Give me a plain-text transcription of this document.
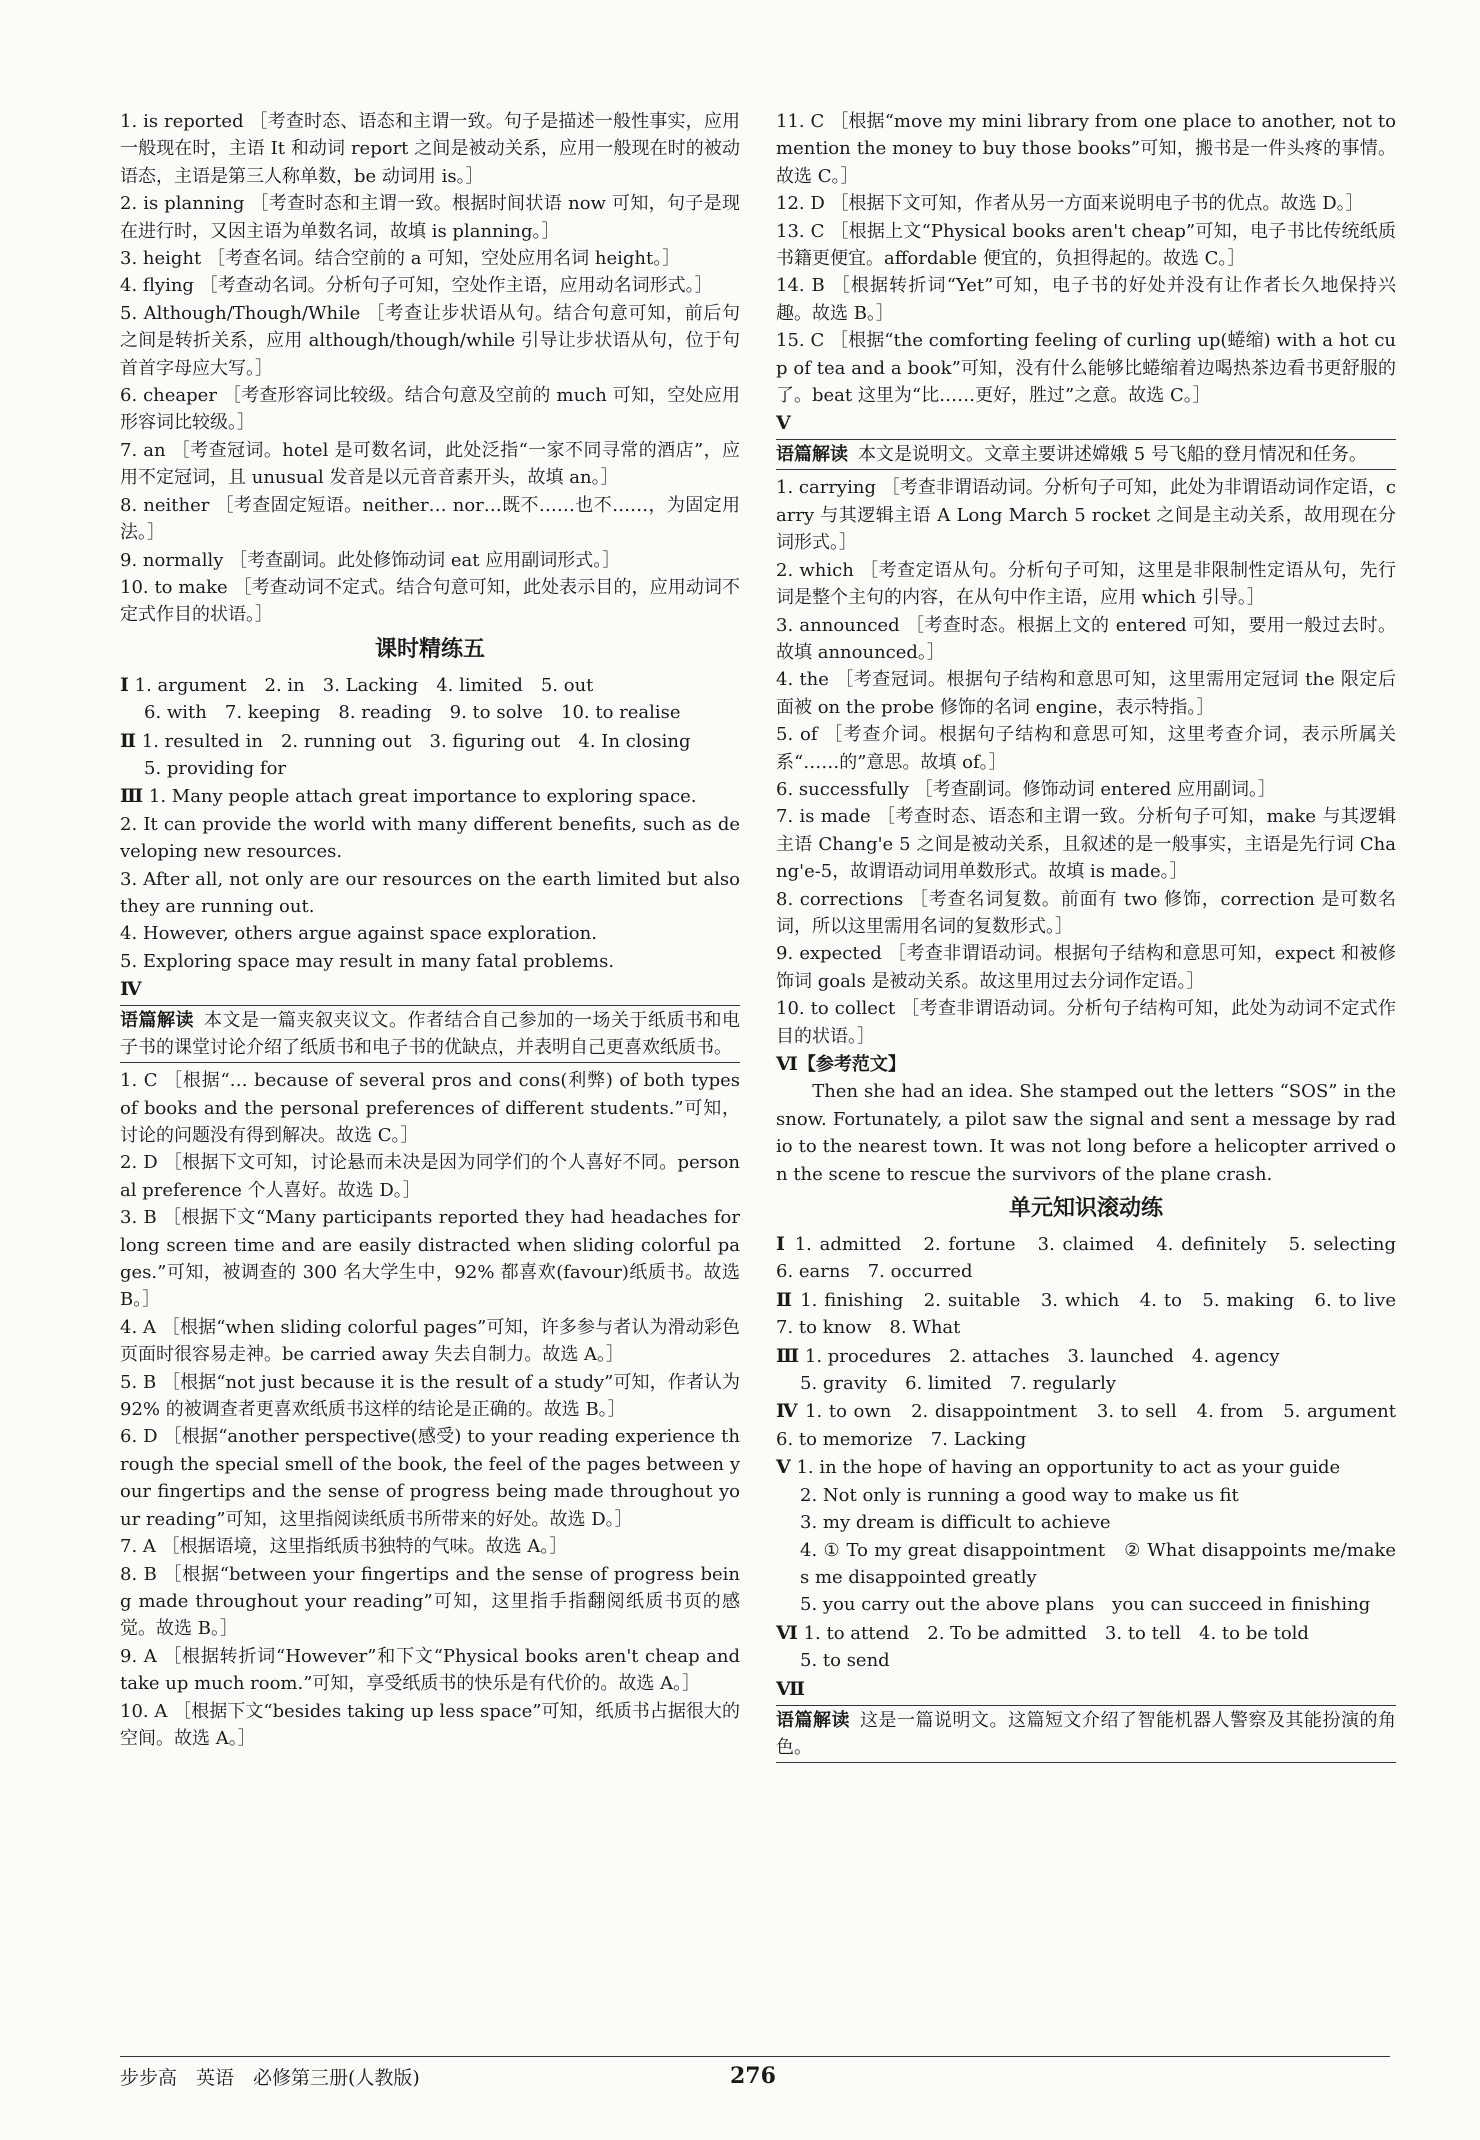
1. is reported ［考查时态、语态和主谓一致。句子是描述一般性事实，应用一般现在时，主语 It 和动词 report 之间是被动关系，应用一般现在时的被动语态，主语是第三人称单数，be 动词用 is。］
2. is planning ［考查时态和主谓一致。根据时间状语 now 可知，句子是现在进行时，又因主语为单数名词，故填 is planning。］
3. height ［考查名词。结合空前的 a 可知，空处应用名词 height。］
4. flying ［考查动名词。分析句子可知，空处作主语，应用动名词形式。］
5. Although/Though/While ［考查让步状语从句。结合句意可知，前后句之间是转折关系，应用 although/though/while 引导让步状语从句，位于句首首字母应大写。］
6. cheaper ［考查形容词比较级。结合句意及空前的 much 可知，空处应用形容词比较级。］
7. an ［考查冠词。hotel 是可数名词，此处泛指“一家不同寻常的酒店”，应用不定冠词，且 unusual 发音是以元音音素开头，故填 an。］
8. neither ［考查固定短语。neither… nor…既不……也不……，为固定用法。］
9. normally ［考查副词。此处修饰动词 eat 应用副词形式。］
10. to make ［考查动词不定式。结合句意可知，此处表示目的，应用动词不定式作目的状语。］
课时精练五
Ⅰ 1. argument　2. in　3. Lacking　4. limited　5. out
6. with　7. keeping　8. reading　9. to solve　10. to realise
Ⅱ 1. resulted in　2. running out　3. figuring out　4. In closing
5. providing for
Ⅲ 1. Many people attach great importance to exploring space.
2. It can provide the world with many different benefits, such as developing new resources.
3. After all, not only are our resources on the earth limited but also they are running out.
4. However, others argue against space exploration.
5. Exploring space may result in many fatal problems.
Ⅳ
语篇解读 本文是一篇夹叙夹议文。作者结合自己参加的一场关于纸质书和电子书的课堂讨论介绍了纸质书和电子书的优缺点，并表明自己更喜欢纸质书。
1. C ［根据“… because of several pros and cons(利弊) of both types of books and the personal preferences of different students.”可知，讨论的问题没有得到解决。故选 C。］
2. D ［根据下文可知，讨论悬而未决是因为同学们的个人喜好不同。personal preference 个人喜好。故选 D。］
3. B ［根据下文“Many participants reported they had headaches for long screen time and are easily distracted when sliding colorful pages.”可知，被调查的 300 名大学生中，92% 都喜欢(favour)纸质书。故选 B。］
4. A ［根据“when sliding colorful pages”可知，许多参与者认为滑动彩色页面时很容易走神。be carried away 失去自制力。故选 A。］
5. B ［根据“not just because it is the result of a study”可知，作者认为 92% 的被调查者更喜欢纸质书这样的结论是正确的。故选 B。］
6. D ［根据“another perspective(感受) to your reading experience through the special smell of the book, the feel of the pages between your fingertips and the sense of progress being made throughout your reading”可知，这里指阅读纸质书所带来的好处。故选 D。］
7. A ［根据语境，这里指纸质书独特的气味。故选 A。］
8. B ［根据“between your fingertips and the sense of progress being made throughout your reading”可知，这里指手指翻阅纸质书页的感觉。故选 B。］
9. A ［根据转折词“However”和下文“Physical books aren't cheap and take up much room.”可知，享受纸质书的快乐是有代价的。故选 A。］
10. A ［根据下文“besides taking up less space”可知，纸质书占据很大的空间。故选 A。］
11. C ［根据“move my mini library from one place to another, not to mention the money to buy those books”可知，搬书是一件头疼的事情。故选 C。］
12. D ［根据下文可知，作者从另一方面来说明电子书的优点。故选 D。］
13. C ［根据上文“Physical books aren't cheap”可知，电子书比传统纸质书籍更便宜。affordable 便宜的，负担得起的。故选 C。］
14. B ［根据转折词“Yet”可知，电子书的好处并没有让作者长久地保持兴趣。故选 B。］
15. C ［根据“the comforting feeling of curling up(蜷缩) with a hot cup of tea and a book”可知，没有什么能够比蜷缩着边喝热茶边看书更舒服的了。beat 这里为“比……更好，胜过”之意。故选 C。］
Ⅴ
语篇解读 本文是说明文。文章主要讲述嫦娥 5 号飞船的登月情况和任务。
1. carrying ［考查非谓语动词。分析句子可知，此处为非谓语动词作定语，carry 与其逻辑主语 A Long March 5 rocket 之间是主动关系，故用现在分词形式。］
2. which ［考查定语从句。分析句子可知，这里是非限制性定语从句，先行词是整个主句的内容，在从句中作主语，应用 which 引导。］
3. announced ［考查时态。根据上文的 entered 可知，要用一般过去时。故填 announced。］
4. the ［考查冠词。根据句子结构和意思可知，这里需用定冠词 the 限定后面被 on the probe 修饰的名词 engine，表示特指。］
5. of ［考查介词。根据句子结构和意思可知，这里考查介词，表示所属关系“……的”意思。故填 of。］
6. successfully ［考查副词。修饰动词 entered 应用副词。］
7. is made ［考查时态、语态和主谓一致。分析句子可知，make 与其逻辑主语 Chang'e 5 之间是被动关系，且叙述的是一般事实，主语是先行词 Chang'e-5，故谓语动词用单数形式。故填 is made。］
8. corrections ［考查名词复数。前面有 two 修饰，correction 是可数名词，所以这里需用名词的复数形式。］
9. expected ［考查非谓语动词。根据句子结构和意思可知，expect 和被修饰词 goals 是被动关系。故这里用过去分词作定语。］
10. to collect ［考查非谓语动词。分析句子结构可知，此处为动词不定式作目的状语。］
Ⅵ【参考范文】
　　Then she had an idea. She stamped out the letters “SOS” in the snow. Fortunately, a pilot saw the signal and sent a message by radio to the nearest town. It was not long before a helicopter arrived on the scene to rescue the survivors of the plane crash.
单元知识滚动练
Ⅰ 1. admitted　2. fortune　3. claimed　4. definitely　5. selecting　6. earns　7. occurred
Ⅱ 1. finishing　2. suitable　3. which　4. to　5. making　6. to live　7. to know　8. What
Ⅲ 1. procedures　2. attaches　3. launched　4. agency
5. gravity　6. limited　7. regularly
Ⅳ 1. to own　2. disappointment　3. to sell　4. from　5. argument　6. to memorize　7. Lacking
Ⅴ 1. in the hope of having an opportunity to act as your guide
2. Not only is running a good way to make us fit
3. my dream is difficult to achieve
4. ① To my great disappointment　② What disappoints me/makes me disappointed greatly
5. you carry out the above plans　you can succeed in finishing
Ⅵ 1. to attend　2. To be admitted　3. to tell　4. to be told
5. to send
Ⅶ
语篇解读 这是一篇说明文。这篇短文介绍了智能机器人警察及其能扮演的角色。
步步高　英语　必修第三册(人教版)	276
